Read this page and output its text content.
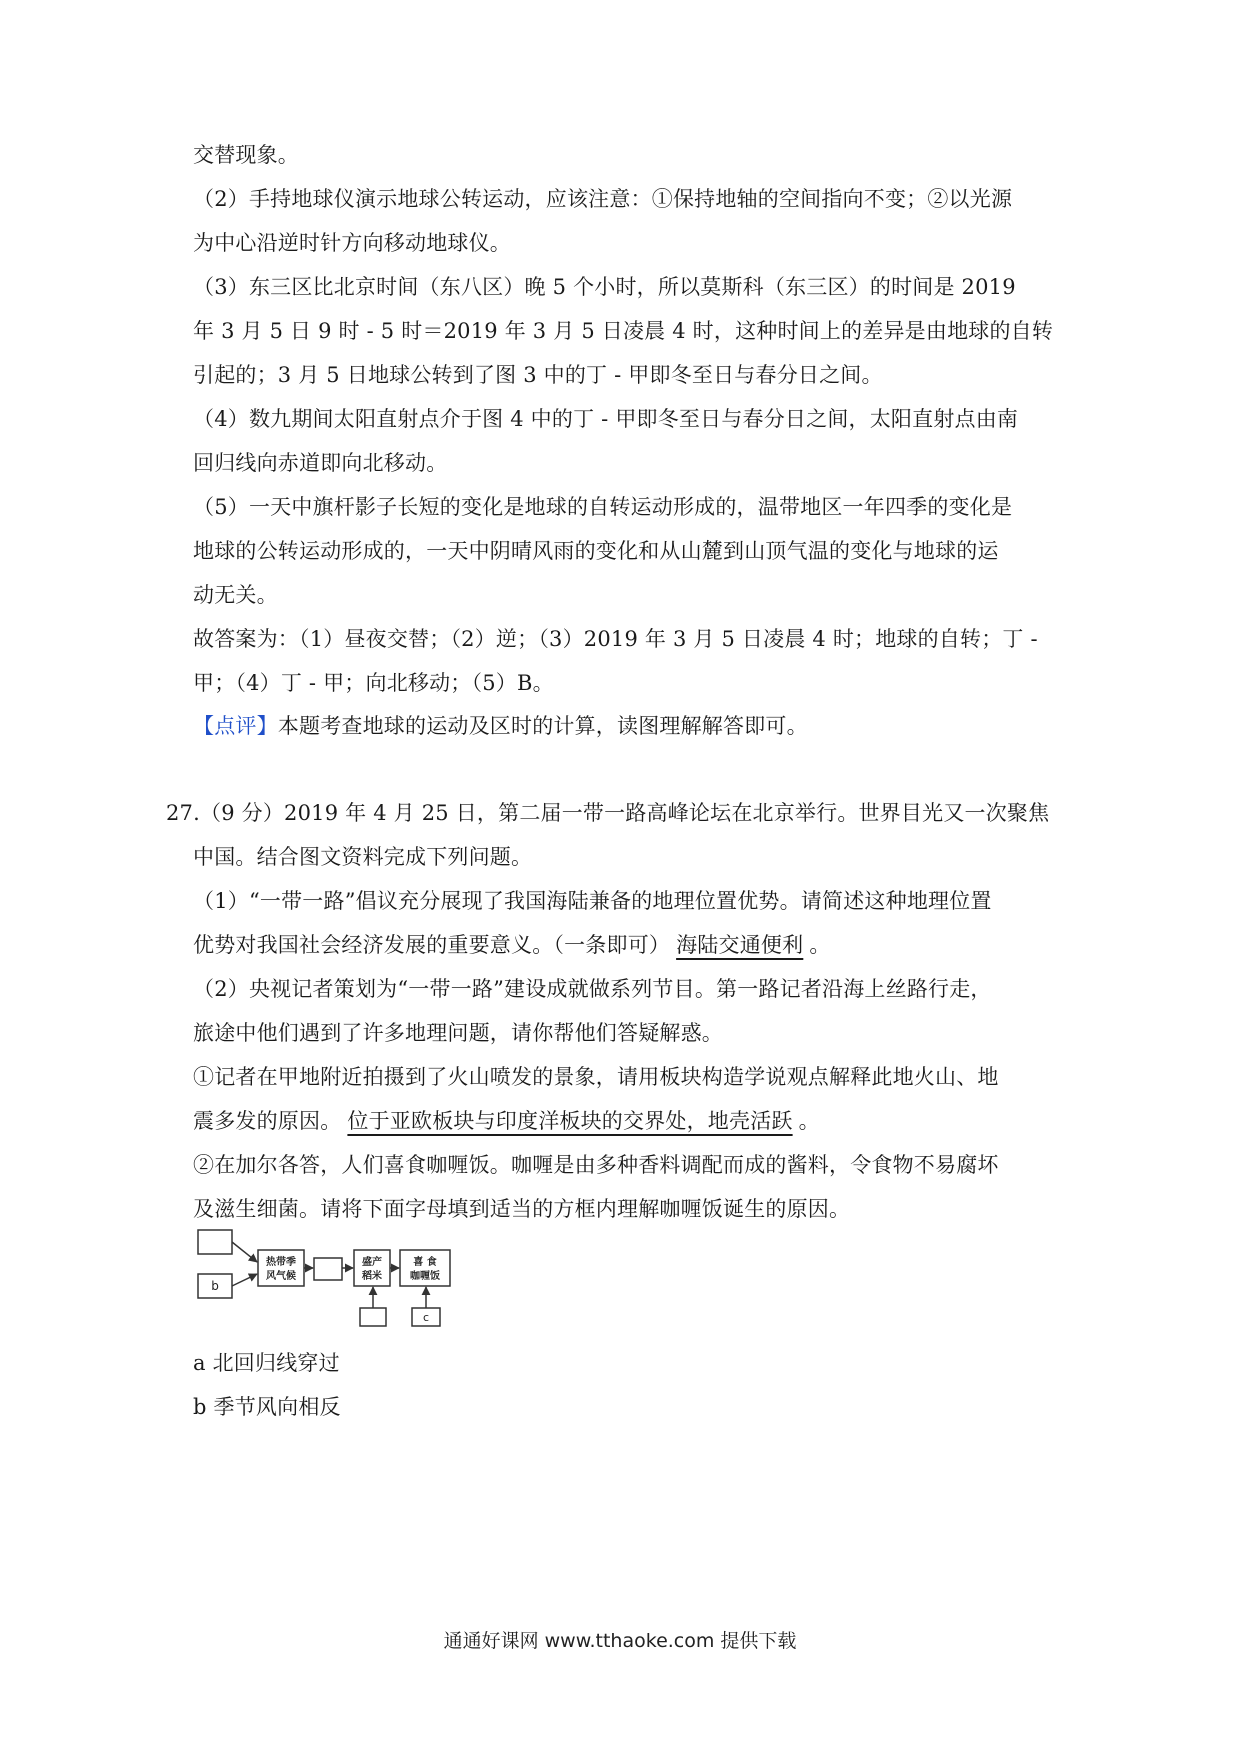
交替现象。
（2）手持地球仪演示地球公转运动，应该注意：①保持地轴的空间指向不变；②以光源
为中心沿逆时针方向移动地球仪。
（3）东三区比北京时间（东八区）晚 5 个小时，所以莫斯科（东三区）的时间是 2019
年 3 月 5 日 9 时 - 5 时＝2019 年 3 月 5 日凌晨 4 时，这种时间上的差异是由地球的自转
引起的；3 月 5 日地球公转到了图 3 中的丁 - 甲即冬至日与春分日之间。
（4）数九期间太阳直射点介于图 4 中的丁 - 甲即冬至日与春分日之间，太阳直射点由南
回归线向赤道即向北移动。
（5）一天中旗杆影子长短的变化是地球的自转运动形成的，温带地区一年四季的变化是
地球的公转运动形成的，一天中阴晴风雨的变化和从山麓到山顶气温的变化与地球的运
动无关。
故答案为：（1）昼夜交替；（2）逆；（3）2019 年 3 月 5 日凌晨 4 时；地球的自转；丁 -
甲；（4）丁 - 甲；向北移动；（5）B。
【点评】本题考查地球的运动及区时的计算，读图理解解答即可。
27.（9 分）2019 年 4 月 25 日，第二届一带一路高峰论坛在北京举行。世界目光又一次聚焦
中国。结合图文资料完成下列问题。
（1）“一带一路”倡议充分展现了我国海陆兼备的地理位置优势。请简述这种地理位置
优势对我国社会经济发展的重要意义。（一条即可） 海陆交通便利 。
（2）央视记者策划为“一带一路”建设成就做系列节目。第一路记者沿海上丝路行走，
旅途中他们遇到了许多地理问题，请你帮他们答疑解惑。
①记者在甲地附近拍摄到了火山喷发的景象，请用板块构造学说观点解释此地火山、地
震多发的原因。 位于亚欧板块与印度洋板块的交界处，地壳活跃 。
②在加尔各答，人们喜食咖喱饭。咖喱是由多种香料调配而成的酱料，令食物不易腐坏
及滋生细菌。请将下面字母填到适当的方框内理解咖喱饭诞生的原因。
b
热带季
风气候
盛产
稻米
喜 食
咖喱饭
c
a 北回归线穿过
b 季节风向相反
通通好课网 www.tthaoke.com 提供下载
